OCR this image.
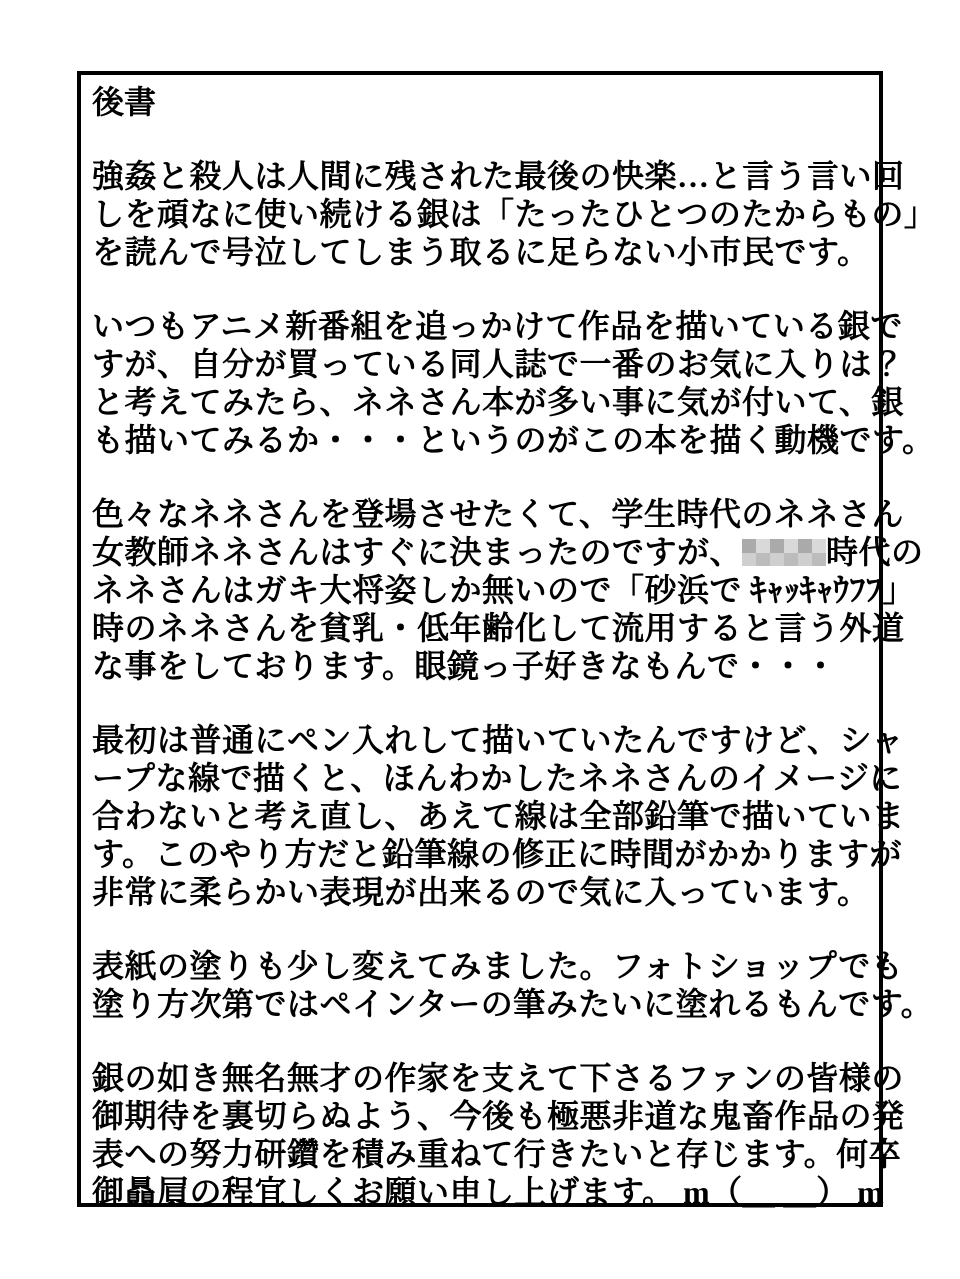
後書
強姦と殺人は人間に残された最後の快楽…と言う言い回
しを頑なに使い続ける銀は「たったひとつのたからもの」
を読んで号泣してしまう取るに足らない小市民です。
いつもアニメ新番組を追っかけて作品を描いている銀で
すが、自分が買っている同人誌で一番のお気に入りは？
と考えてみたら、ネネさん本が多い事に気が付いて、銀
も描いてみるか・・・というのがこの本を描く動機です。
色々なネネさんを登場させたくて、学生時代のネネさん
女教師ネネさんはすぐに決まったのですが、	時代の
ネネさんはガキ大将姿しか無いので「砂浜で ｷｬｯｷｬｳﾌﾌ」
時のネネさんを貧乳・低年齢化して流用すると言う外道
な事をしております。眼鏡っ子好きなもんで・・・
最初は普通にペン入れして描いていたんですけど、シャ
ープな線で描くと、ほんわかしたネネさんのイメージに
合わないと考え直し、あえて線は全部鉛筆で描いていま
す。このやり方だと鉛筆線の修正に時間がかかりますが
非常に柔らかい表現が出来るので気に入っています。
表紙の塗りも少し変えてみました。フォトショップでも
塗り方次第ではペインターの筆みたいに塗れるもんです。
銀の如き無名無才の作家を支えて下さるファンの皆様の
御期待を裏切らぬよう、今後も極悪非道な鬼畜作品の発
表への努力研鑽を積み重ねて行きたいと存じます。何卒
御贔屓の程宜しくお願い申し上げます。 m（＿ ＿） m
